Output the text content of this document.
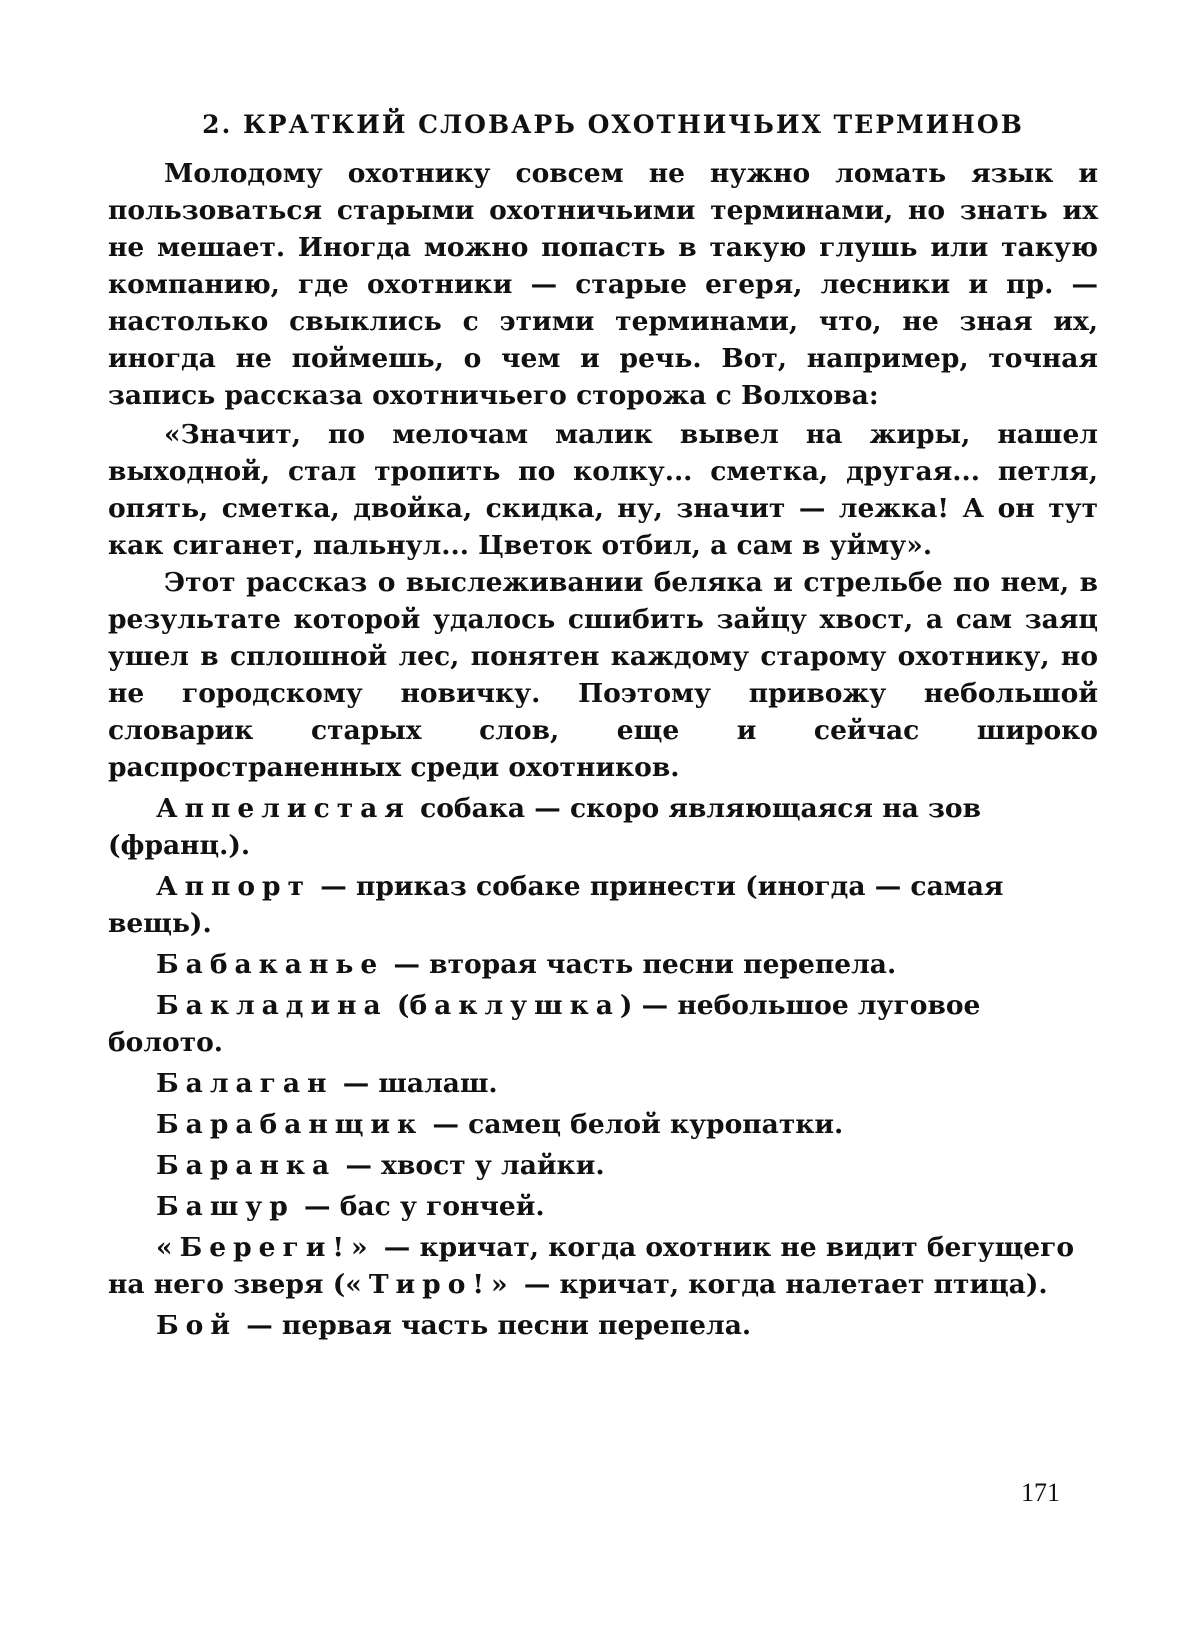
2. КРАТКИЙ СЛОВАРЬ ОХОТНИЧЬИХ ТЕРМИНОВ

Молодому охотнику совсем не нужно ломать язык и пользоваться старыми охотничьими терминами, но знать их не мешает. Иногда можно попасть в такую глушь или такую компанию, где охотники — старые егеря, лесники и пр. — настолько свыклись с этими терминами, что, не зная их, иногда не поймешь, о чем и речь. Вот, например, точная запись рассказа охотничьего сторожа с Волхова:

«Значит, по мелочам малик вывел на жиры, нашел выходной, стал тропить по колку... сметка, другая... петля, опять, сметка, двойка, скидка, ну, значит — лежка! А он тут как сиганет, пальнул... Цветок отбил, а сам в уйму».

Этот рассказ о выслеживании беляка и стрельбе по нем, в результате которой удалось сшибить зайцу хвост, а сам заяц ушел в сплошной лес, понятен каждому старому охотнику, но не городскому новичку. Поэтому привожу небольшой словарик старых слов, еще и сейчас широко распространенных среди охотников.

Аппелистая собака — скоро являющаяся на зов (франц.).

Аппорт — приказ собаке принести (иногда — самая вещь).

Бабаканье — вторая часть песни перепела.

Бакладина (баклушка) — небольшое луговое болото.

Балаган — шалаш.

Барабанщик — самец белой куропатки.

Баранка — хвост у лайки.

Башур — бас у гончей.

«Береги!» — кричат, когда охотник не видит бегущего на него зверя («Тиро!» — кричат, когда налетает птица).

Бой — первая часть песни перепела.

171
